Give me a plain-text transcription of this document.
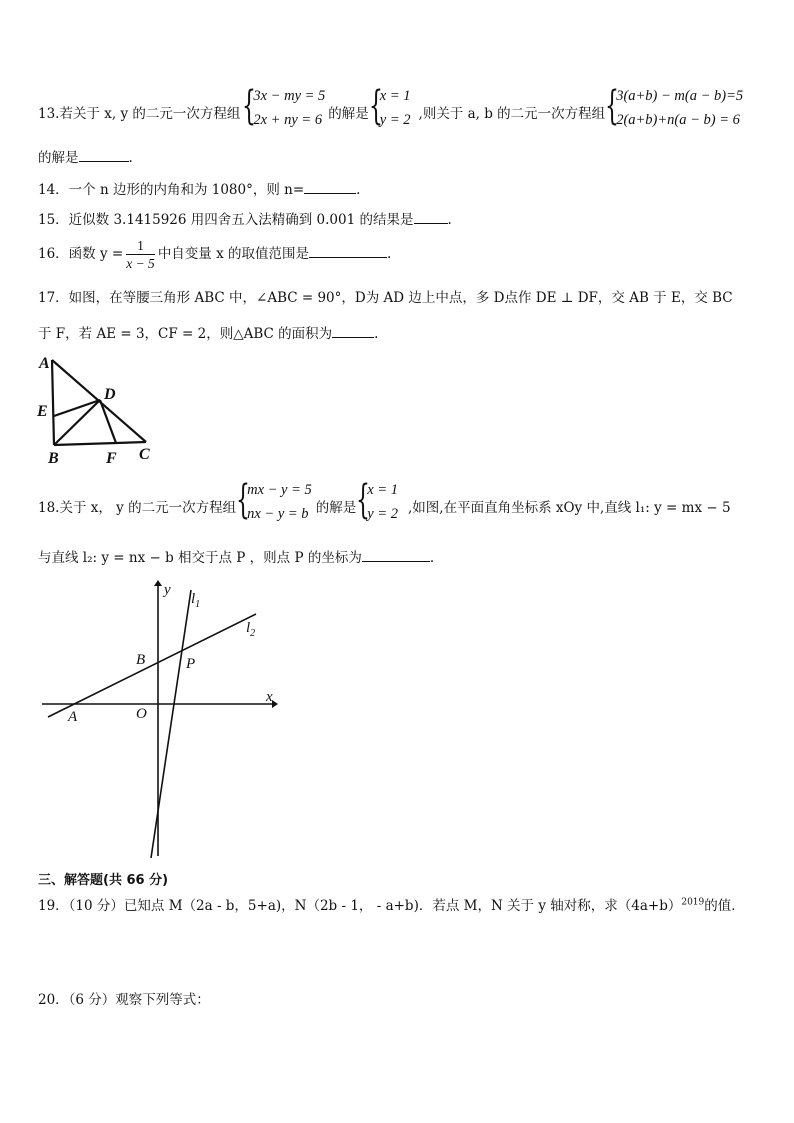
13.若关于 x, y 的二元一次方程组 {
3x − my = 5
2x + ny = 6 的解是 {
x = 1
y = 2 ,则关于 a, b 的二元一次方程组 {
3(a+b) − m(a − b)=5
2(a+b)+n(a − b) = 6
的解是	.
14．一个 n 边形的内角和为 1080°，则 n=	.
15．近似数 3.1415926 用四舍五入法精确到 0.001 的结果是	.
16．函数 $y = \frac{1}{x - 5}$ 中自变量 x 的取值范围是	.
17．如图，在等腰三角形 ABC 中，∠ABC = 90°，D为 AD 边上中点，多 D点作 DE ⊥ DF，交 AB 于 E，交 BC
于 F，若 AE = 3，CF = 2，则△ABC 的面积为	.
A
E
D
B	F C
18.关于 x， y 的二元一次方程组 {
mx − y = 5
nx − y = b 的解是 {
x = 1
y = 2 ,如图,在平面直角坐标系 xOy 中,直线 l₁: y = mx − 5
与直线 l₂: y = nx − b 相交于点 P ，则点 P 的坐标为	.
y
x
O
A
B	P
$l_1$
$l_2$
三、解答题(共 66 分)
19．（10 分）已知点 M（2a - b，5+a)，N（2b - 1， - a+b)．若点 M，N 关于 y 轴对称，求$(4a+b)^{2019}$的值．
20．（6 分）观察下列等式：
